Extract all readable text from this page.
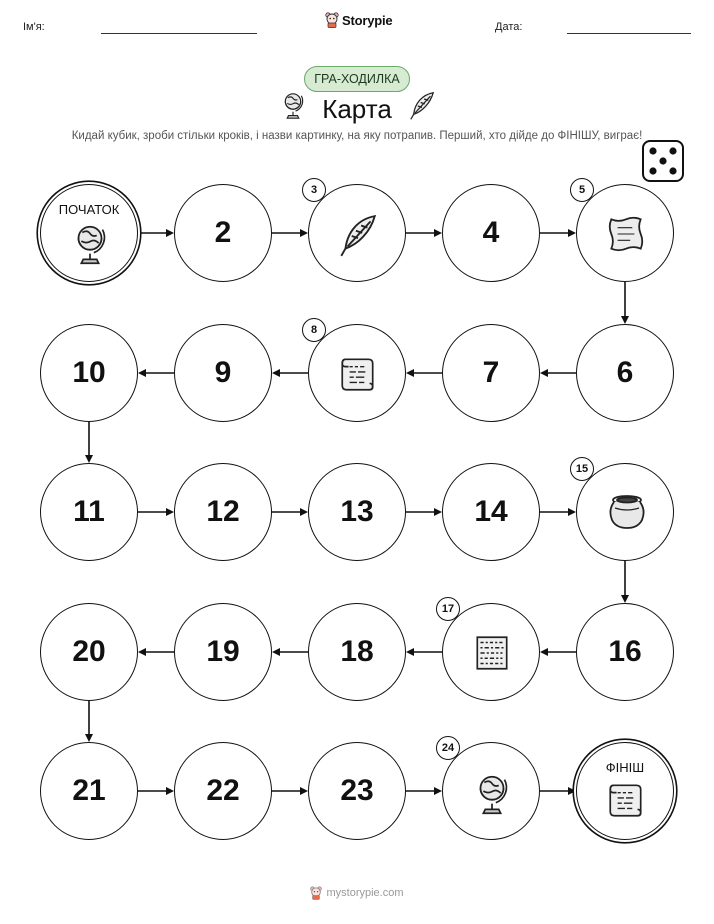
Ім'я:	Storypie	Дата:
ГРА-ХОДИЛКА
Карта
Кидай кубик, зроби стільки кроків, і назви картинку, на яку потрапив. Перший, хто дійде до ФІНІШУ, виграє!
ПОЧАТОК
2
3
4
5
6
7
8
9
10
11	12	13	14
15
16
17
18
19
20
21	22	23
24
ФІНІШ
mystorypie.com
